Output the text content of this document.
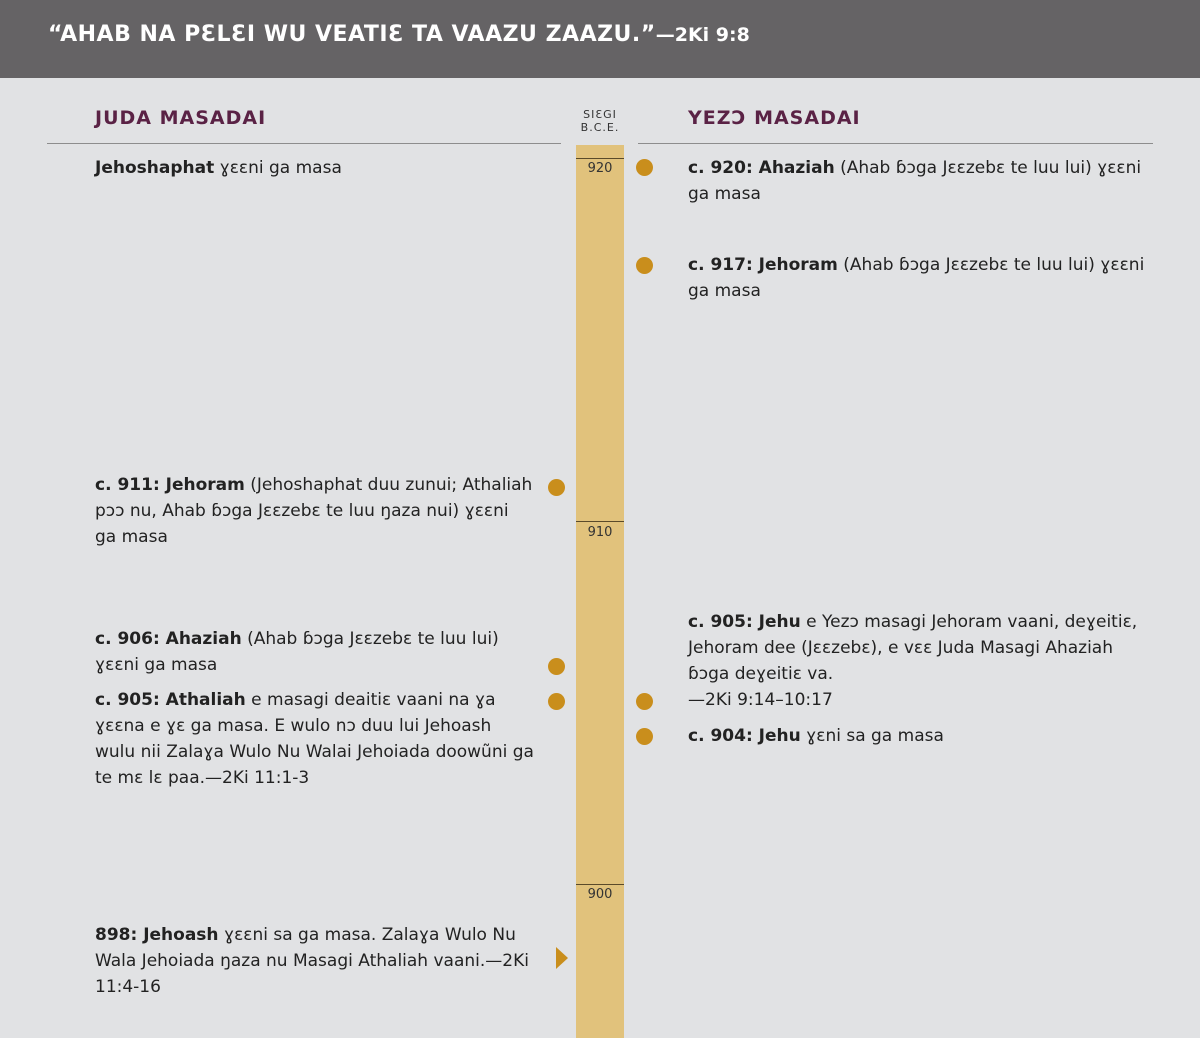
“AHAB NA PƐLƐI WU VEATIƐ TA VAAZU ZAAZU.”—2Ki 9:8
JUDA MASADAI	YEZƆ MASADAI
SIƐGI
B.C.E.
920
910
900
Jehoshaphat ɣɛɛni ga masa
c. 911: Jehoram (Jehoshaphat duu zunui; Athaliah pɔɔ nu, Ahab ɓɔga Jɛɛzebɛ te luu ŋaza nui) ɣɛɛni ga masa
c. 906: Ahaziah (Ahab ɓɔga Jɛɛzebɛ te luu lui) ɣɛɛni ga masa
c. 905: Athaliah e masagi deaitiɛ vaani na ɣa ɣɛɛna e ɣɛ ga masa. E wulo nɔ duu lui Jehoash wulu nii Zalaɣa Wulo Nu Walai Jehoiada doowũni ga te mɛ lɛ paa.—2Ki 11:1-3
898: Jehoash ɣɛɛni sa ga masa. Zalaɣa Wulo Nu Wala Jehoiada ŋaza nu Masagi Athaliah vaani.—2Ki 11:4-16
c. 920: Ahaziah (Ahab ɓɔga Jɛɛzebɛ te luu lui) ɣɛɛni ga masa
c. 917: Jehoram (Ahab ɓɔga Jɛɛzebɛ te luu lui) ɣɛɛni ga masa
c. 905: Jehu e Yezɔ masagi Jehoram vaani, deɣeitiɛ, Jehoram dee (Jɛɛzebɛ), e vɛɛ Juda Masagi Ahaziah ɓɔga deɣeitiɛ va.
—2Ki 9:14–10:17
c. 904: Jehu ɣɛni sa ga masa
